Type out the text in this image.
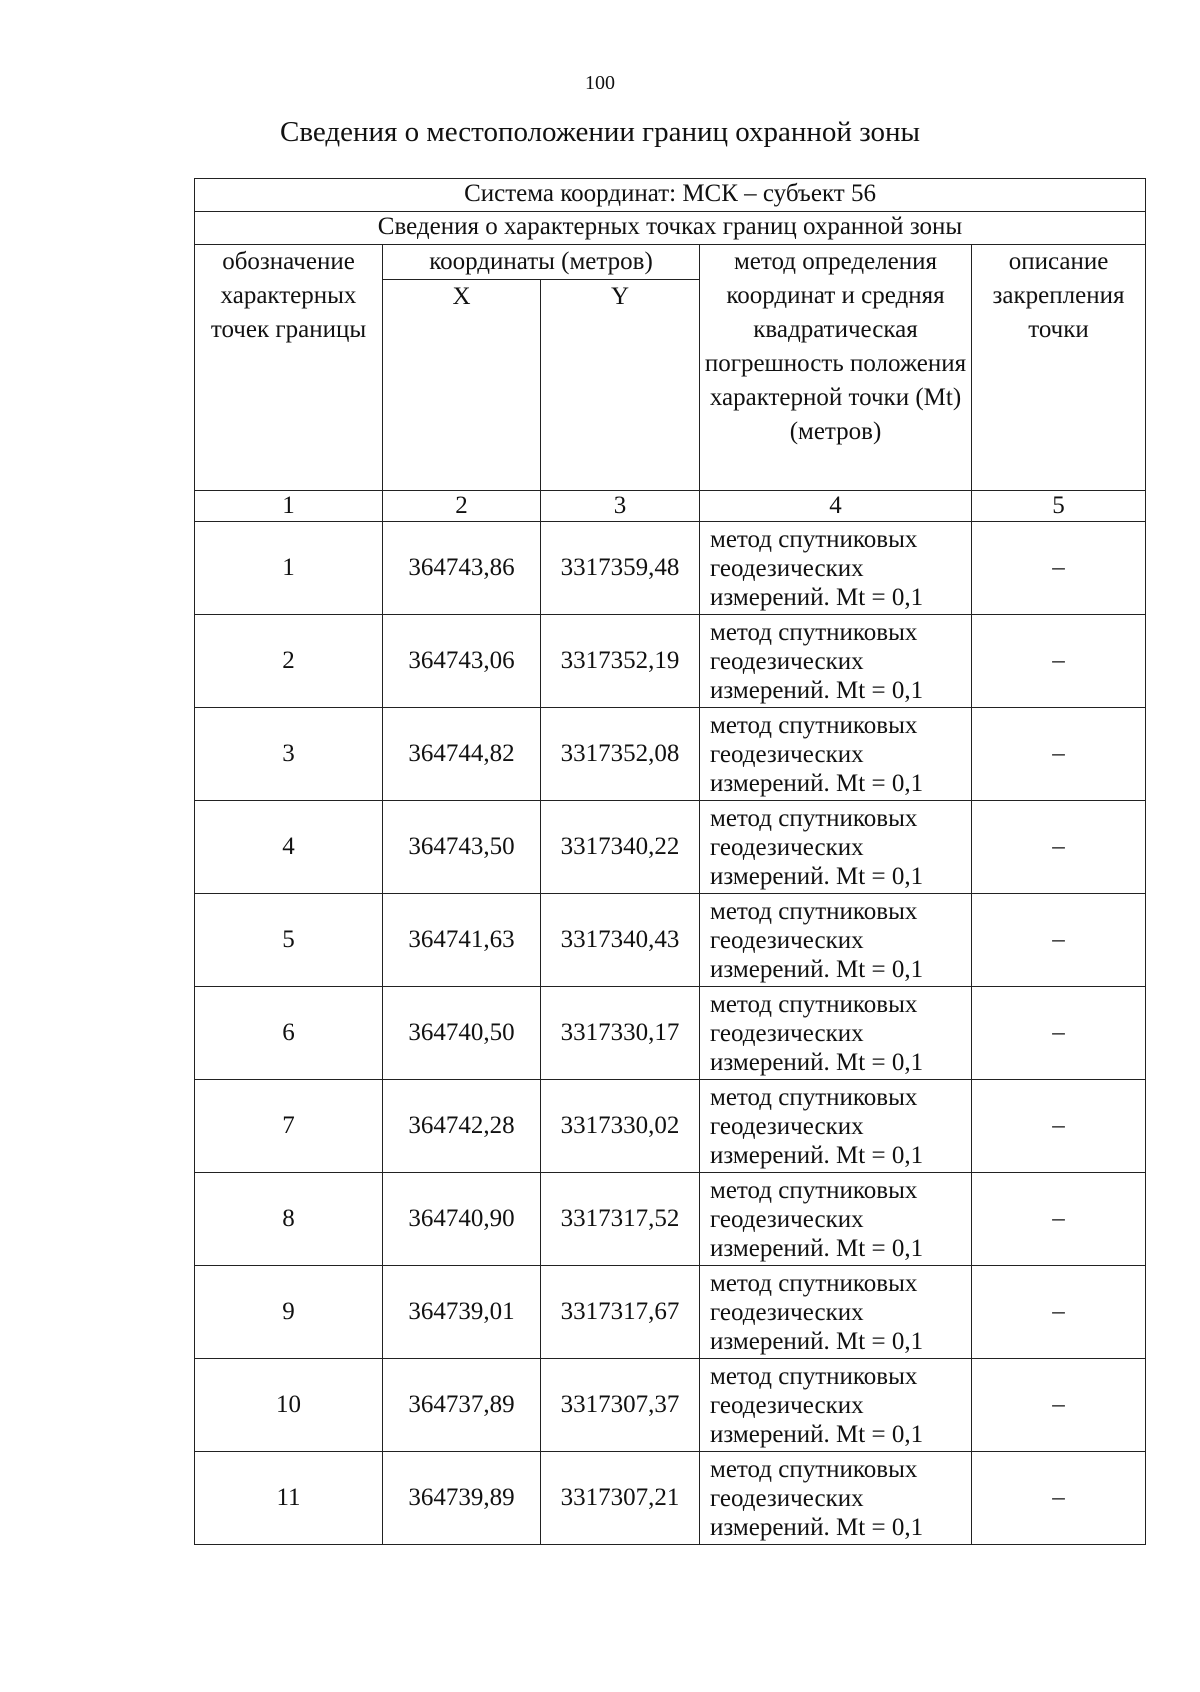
100
Сведения о местоположении границ охранной зоны
Система координат: МСК – субъект 56				
Сведения о характерных точках границ охранной зоны				
обозначение характерных точек границы	координаты (метров)		метод определения координат и средняя квадратическая погрешность положения характерной точки (Mt) (метров)	описание закрепления точки
	X	Y		
1	2	3	4	5
1	364743,86	3317359,48	метод спутниковых геодезических измерений. Mt = 0,1	–
2	364743,06	3317352,19	метод спутниковых геодезических измерений. Mt = 0,1	–
3	364744,82	3317352,08	метод спутниковых геодезических измерений. Mt = 0,1	–
4	364743,50	3317340,22	метод спутниковых геодезических измерений. Mt = 0,1	–
5	364741,63	3317340,43	метод спутниковых геодезических измерений. Mt = 0,1	–
6	364740,50	3317330,17	метод спутниковых геодезических измерений. Mt = 0,1	–
7	364742,28	3317330,02	метод спутниковых геодезических измерений. Mt = 0,1	–
8	364740,90	3317317,52	метод спутниковых геодезических измерений. Mt = 0,1	–
9	364739,01	3317317,67	метод спутниковых геодезических измерений. Mt = 0,1	–
10	364737,89	3317307,37	метод спутниковых геодезических измерений. Mt = 0,1	–
11	364739,89	3317307,21	метод спутниковых геодезических измерений. Mt = 0,1	–
